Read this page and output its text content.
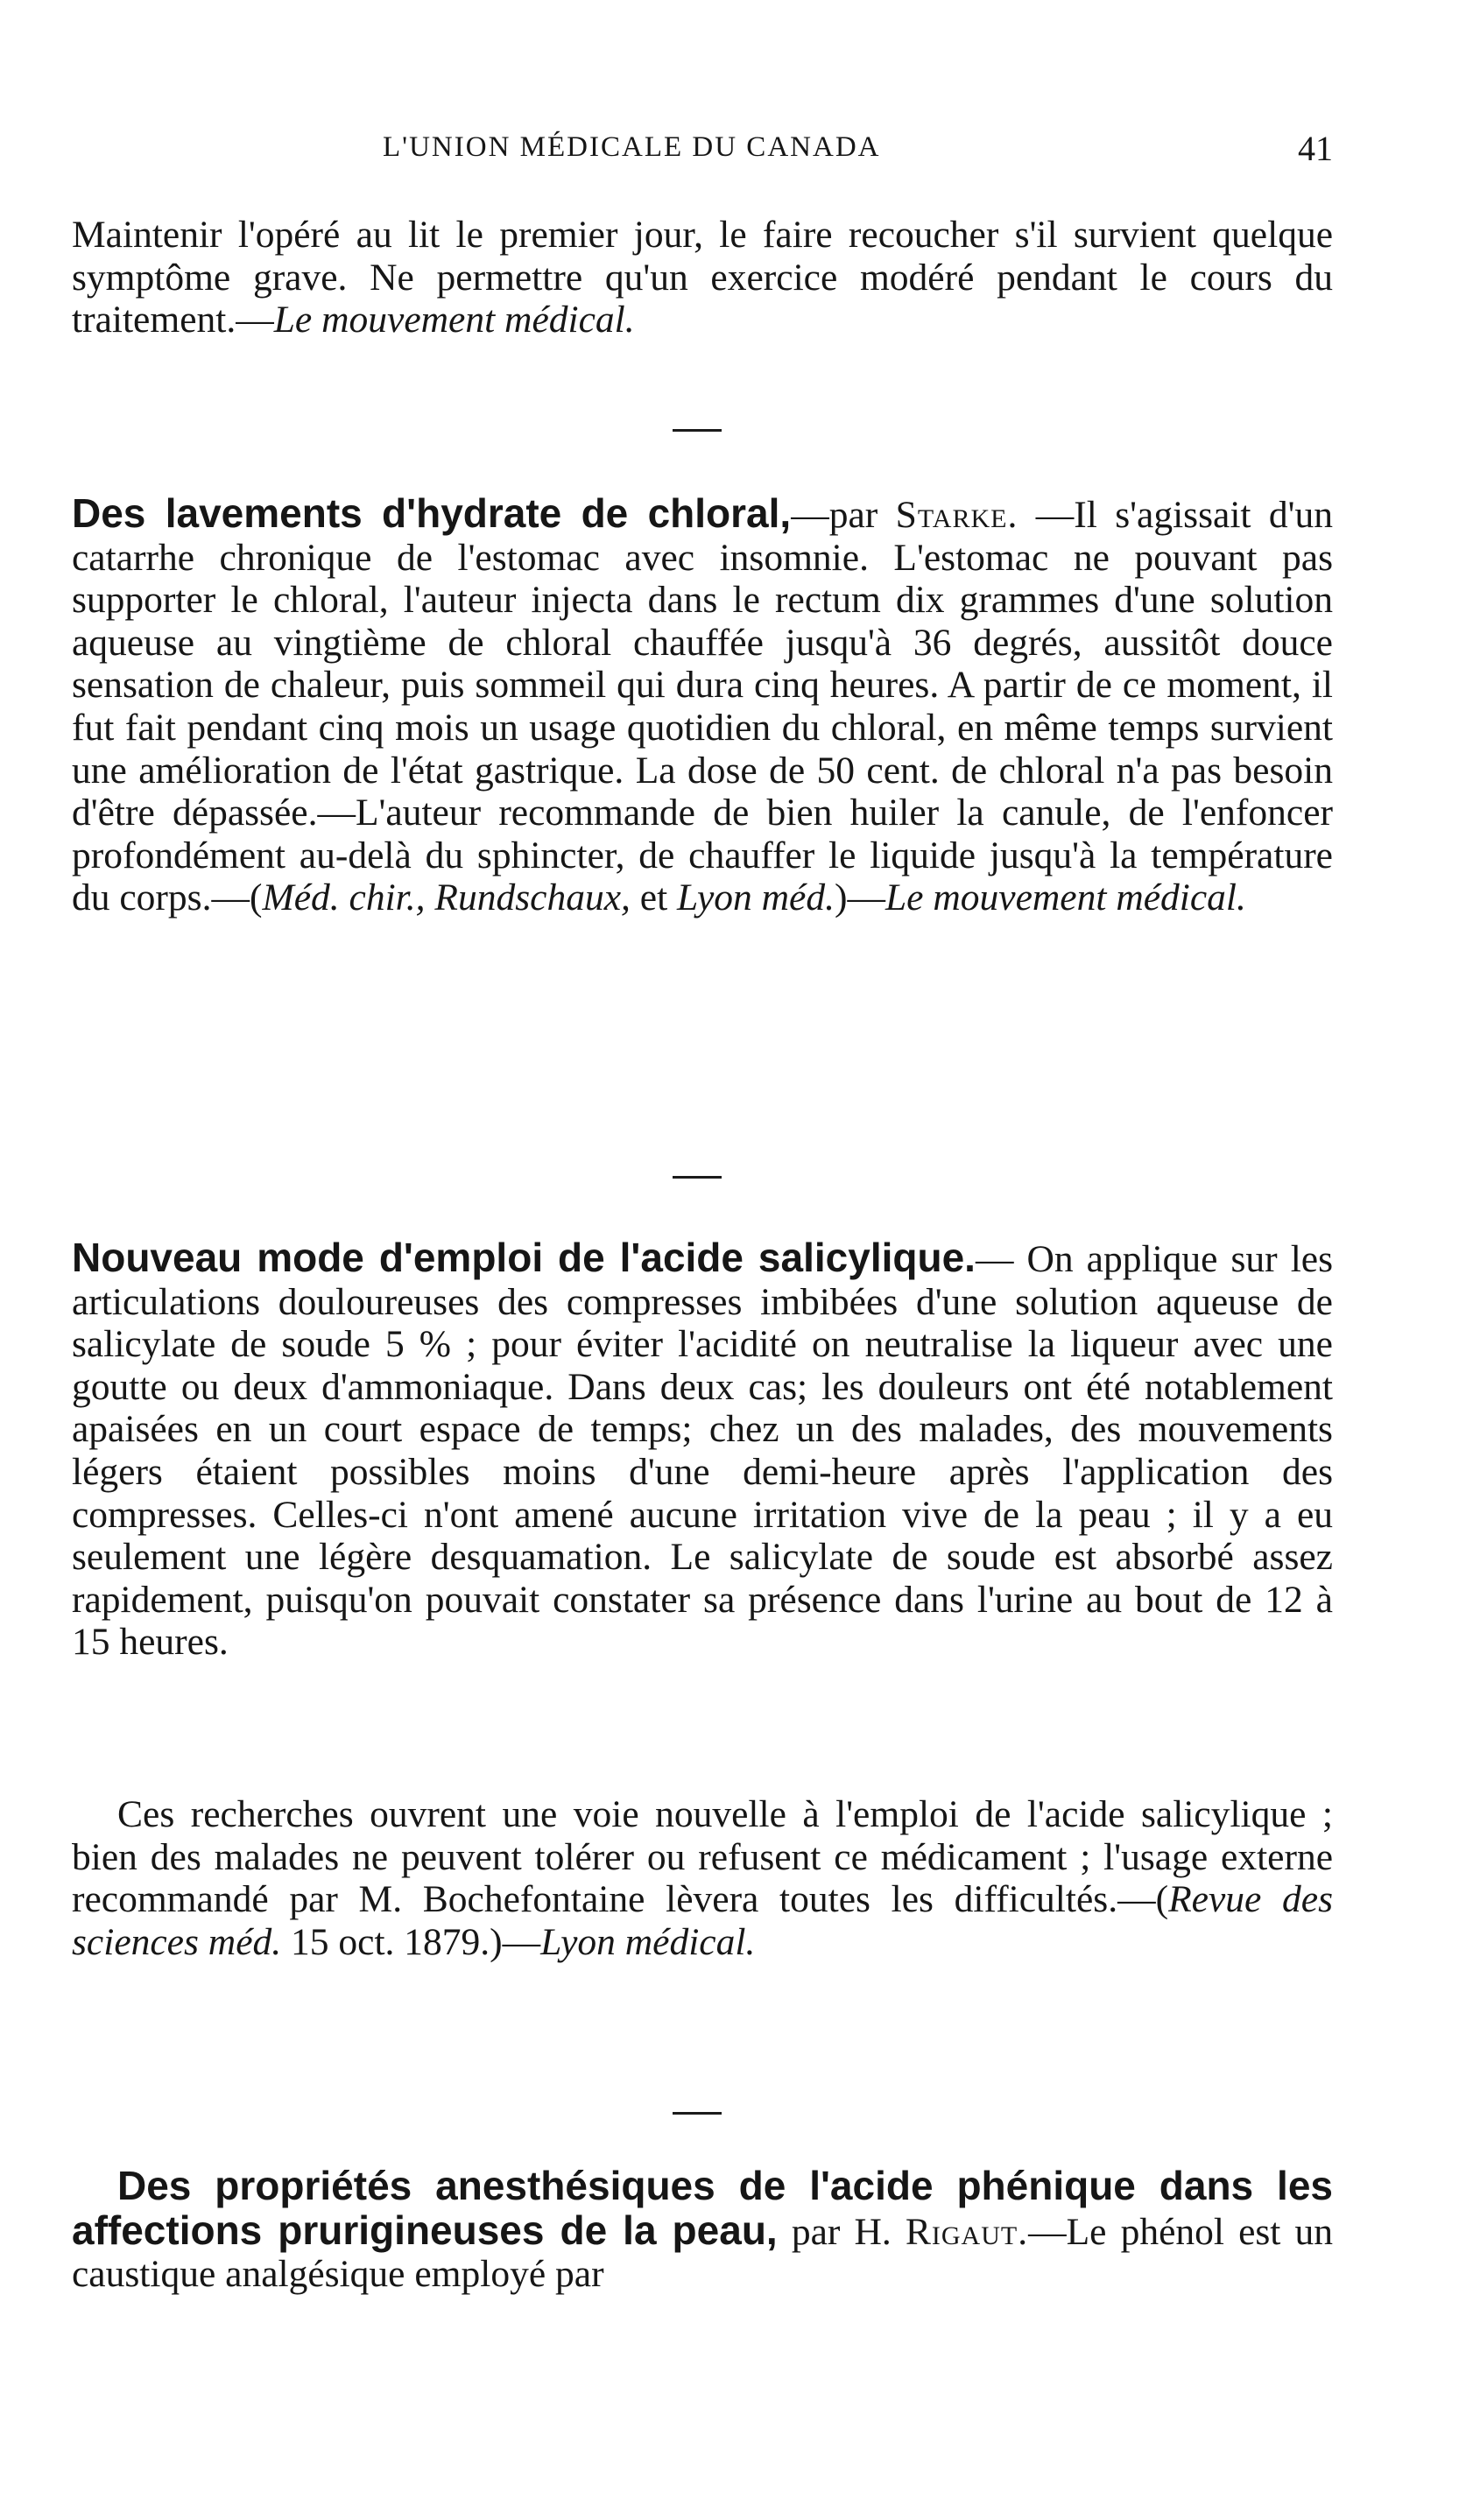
L'UNION MÉDICALE DU CANADA	41

Maintenir l'opéré au lit le premier jour, le faire recoucher s'il survient quelque symptôme grave. Ne permettre qu'un exercice modéré pendant le cours du traitement.—Le mouvement médical.

Des lavements d'hydrate de chloral,—par Starke. —Il s'agissait d'un catarrhe chronique de l'estomac avec insomnie. L'estomac ne pouvant pas supporter le chloral, l'auteur injecta dans le rectum dix grammes d'une solution aqueuse au vingtième de chloral chauffée jusqu'à 36 degrés, aussitôt douce sensation de chaleur, puis sommeil qui dura cinq heures. A partir de ce moment, il fut fait pendant cinq mois un usage quotidien du chloral, en même temps survient une amélioration de l'état gastrique. La dose de 50 cent. de chloral n'a pas besoin d'être dépassée.—L'auteur recommande de bien huiler la canule, de l'enfoncer profondément au-delà du sphincter, de chauffer le liquide jusqu'à la température du corps.—(Méd. chir., Rundschaux, et Lyon méd.)—Le mouvement médical.

Nouveau mode d'emploi de l'acide salicylique.— On applique sur les articulations douloureuses des compresses imbibées d'une solution aqueuse de salicylate de soude 5 % ; pour éviter l'acidité on neutralise la liqueur avec une goutte ou deux d'ammoniaque. Dans deux cas; les douleurs ont été notablement apaisées en un court espace de temps; chez un des malades, des mouvements légers étaient possibles moins d'une demi-heure après l'application des compresses. Celles-ci n'ont amené aucune irritation vive de la peau ; il y a eu seulement une légère desquamation. Le salicylate de soude est absorbé assez rapidement, puisqu'on pouvait constater sa présence dans l'urine au bout de 12 à 15 heures.

Ces recherches ouvrent une voie nouvelle à l'emploi de l'acide salicylique ; bien des malades ne peuvent tolérer ou refusent ce médicament ; l'usage externe recommandé par M. Bochefontaine lèvera toutes les difficultés.—(Revue des sciences méd. 15 oct. 1879.)—Lyon médical.

Des propriétés anesthésiques de l'acide phénique dans les affections prurigineuses de la peau, par H. Rigaut.—Le phénol est un caustique analgésique employé par
